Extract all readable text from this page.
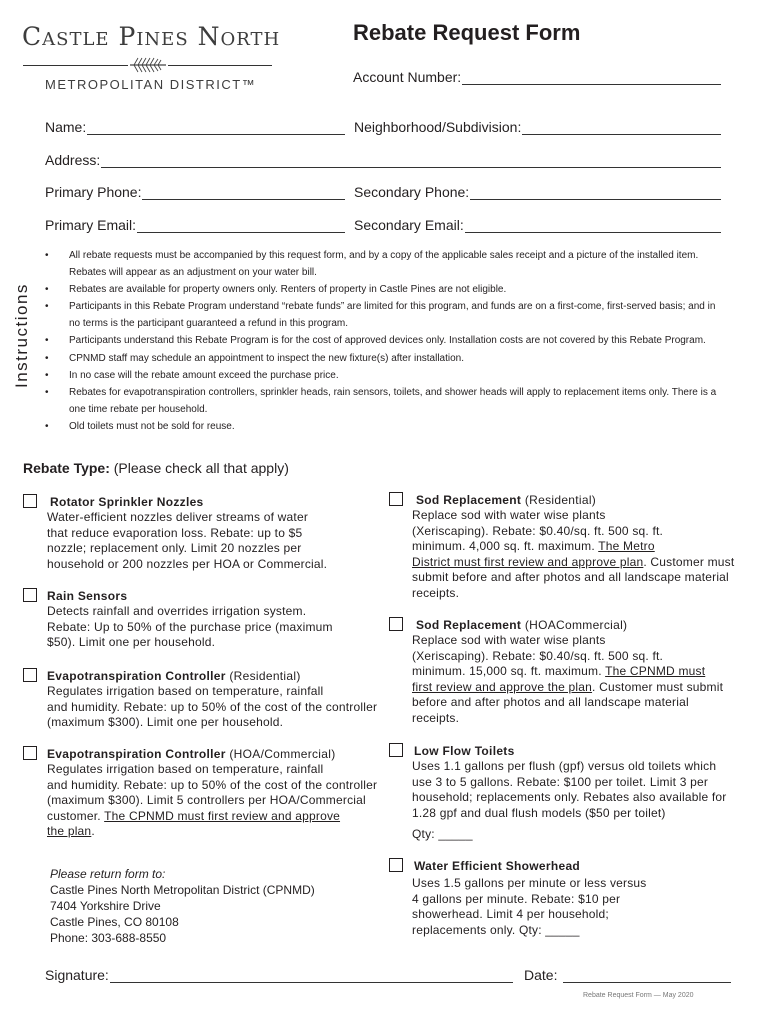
Castle Pines North
METROPOLITAN DISTRICT™
Rebate Request Form
Account Number:
Name:	Neighborhood/Subdivision:
Address:
Primary Phone:	Secondary Phone:
Primary Email:	Secondary Email:
Instructions
• All rebate requests must be accompanied by this request form, and by a copy of the applicable sales receipt and a picture of the installed item. Rebates will appear as an adjustment on your water bill.
• Rebates are available for property owners only. Renters of property in Castle Pines are not eligible.
• Participants in this Rebate Program understand “rebate funds” are limited for this program, and funds are on a first-come, first-served basis; and in no terms is the participant guaranteed a refund in this program.
• Participants understand this Rebate Program is for the cost of approved devices only. Installation costs are not covered by this Rebate Program.
• CPNMD staff may schedule an appointment to inspect the new fixture(s) after installation.
• In no case will the rebate amount exceed the purchase price.
• Rebates for evapotranspiration controllers, sprinkler heads, rain sensors, toilets, and shower heads will apply to replacement items only. There is a one time rebate per household.
• Old toilets must not be sold for reuse.
Rebate Type: (Please check all that apply)
Rotator Sprinkler Nozzles
Water-efficient nozzles deliver streams of water
that reduce evaporation loss. Rebate: up to $5
nozzle; replacement only. Limit 20 nozzles per
household or 200 nozzles per HOA or Commercial.
Rain Sensors
Detects rainfall and overrides irrigation system.
Rebate: Up to 50% of the purchase price (maximum
$50). Limit one per household.
Evapotranspiration Controller (Residential)
Regulates irrigation based on temperature, rainfall
and humidity. Rebate: up to 50% of the cost of the controller
(maximum $300). Limit one per household.
Evapotranspiration Controller (HOA/Commercial)
Regulates irrigation based on temperature, rainfall
and humidity. Rebate: up to 50% of the cost of the controller
(maximum $300). Limit 5 controllers per HOA/Commercial
customer. The CPNMD must first review and approve
the plan.
Sod Replacement (Residential)
Replace sod with water wise plants
(Xeriscaping). Rebate: $0.40/sq. ft. 500 sq. ft.
minimum. 4,000 sq. ft. maximum. The Metro
District must first review and approve plan. Customer must
submit before and after photos and all landscape material
receipts.
Sod Replacement (HOACommercial)
Replace sod with water wise plants
(Xeriscaping). Rebate: $0.40/sq. ft. 500 sq. ft.
minimum. 15,000 sq. ft. maximum. The CPNMD must
first review and approve the plan. Customer must submit
before and after photos and all landscape material
receipts.
Low Flow Toilets
Uses 1.1 gallons per flush (gpf) versus old toilets which
use 3 to 5 gallons. Rebate: $100 per toilet. Limit 3 per
household; replacements only. Rebates also available for
1.28 gpf and dual flush models ($50 per toilet)
Qty: _____
Water Efficient Showerhead
Uses 1.5 gallons per minute or less versus
4 gallons per minute. Rebate: $10 per
showerhead. Limit 4 per household;
replacements only. Qty: _____
Please return form to:
Castle Pines North Metropolitan District (CPNMD)
7404 Yorkshire Drive
Castle Pines, CO 80108
Phone: 303-688-8550
Signature:	Date:
Rebate Request Form — May 2020
